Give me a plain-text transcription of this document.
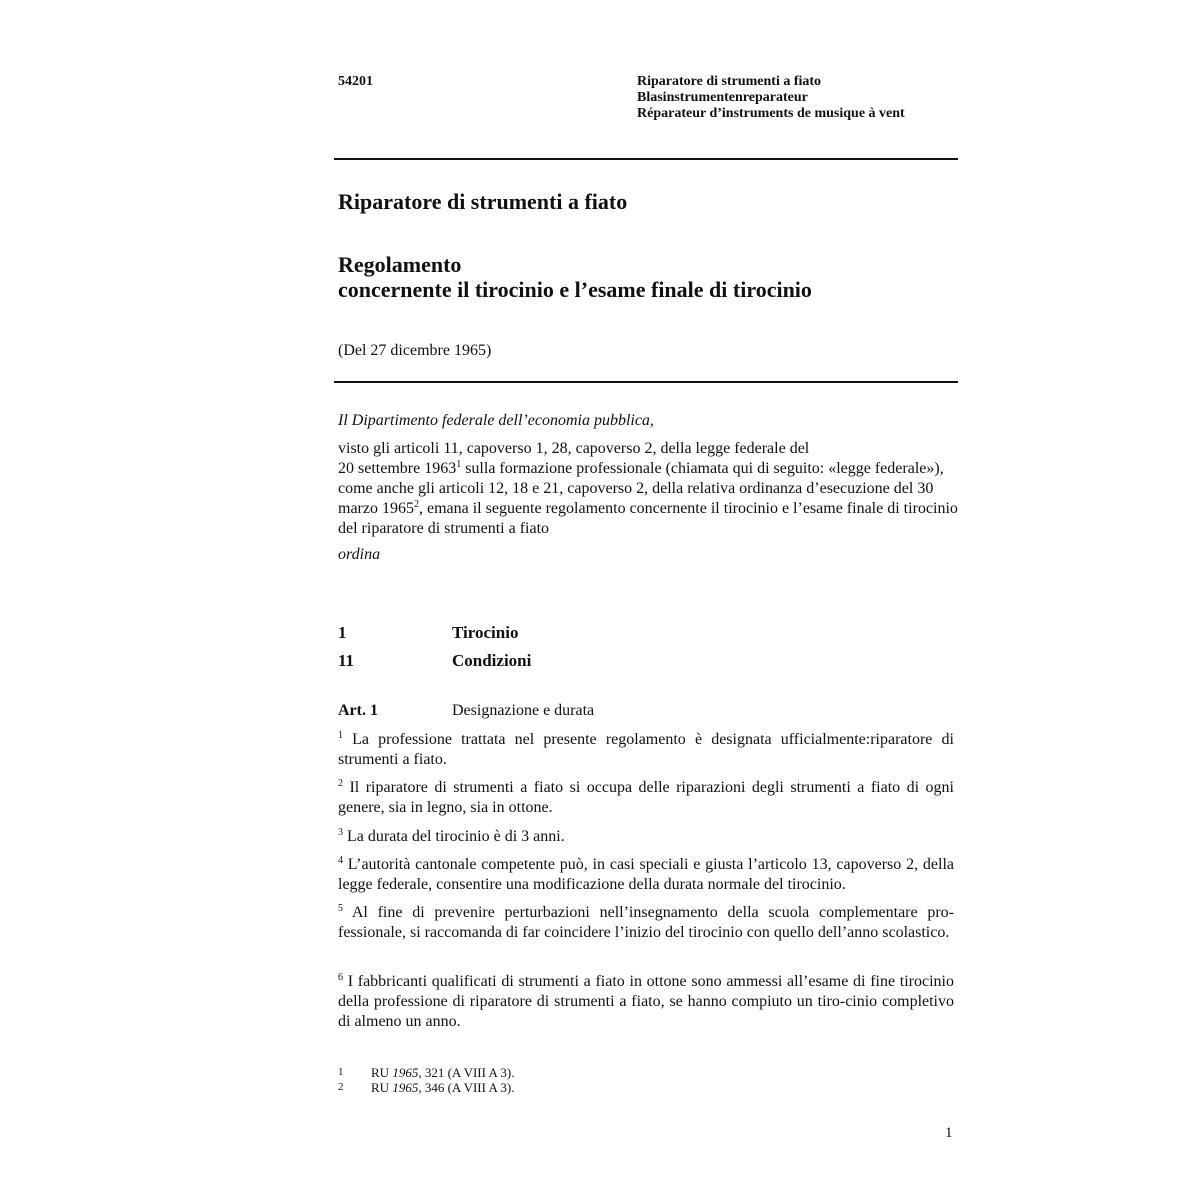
54201	Riparatore di strumenti a fiato
Blasinstrumentenreparateur
Réparateur d’instruments de musique à vent
Riparatore di strumenti a fiato
Regolamento
concernente il tirocinio e l’esame finale di tirocinio
(Del 27 dicembre 1965)
Il Dipartimento federale dell’economia pubblica,
visto gli articoli 11, capoverso 1, 28, capoverso 2, della legge federale del
20 settembre 1963$^1$ sulla formazione professionale (chiamata qui di seguito: «legge federale»), come anche gli articoli 12, 18 e 21, capoverso 2, della relativa ordinanza d’esecuzione del 30 marzo 1965$^2$, emana il seguente regolamento concernente il tirocinio e l’esame finale di tirocinio del riparatore di strumenti a fiato
ordina
1	Tirocinio
11	Condizioni
Art. 1	Designazione e durata
$^1$ La professione trattata nel presente regolamento è designata ufficialmente:riparatore di strumenti a fiato.
$^2$ Il riparatore di strumenti a fiato si occupa delle riparazioni degli strumenti a fiato di ogni genere, sia in legno, sia in ottone.
$^3$ La durata del tirocinio è di 3 anni.
$^4$ L’autorità cantonale competente può, in casi speciali e giusta l’articolo 13, capoverso 2, della legge federale, consentire una modificazione della durata normale del tirocinio.
$^5$ Al fine di prevenire perturbazioni nell’insegnamento della scuola complementare pro-fessionale, si raccomanda di far coincidere l’inizio del tirocinio con quello dell’anno scolastico.
$^6$ I fabbricanti qualificati di strumenti a fiato in ottone sono ammessi all’esame di fine tirocinio della professione di riparatore di strumenti a fiato, se hanno compiuto un tiro-cinio completivo di almeno un anno.
1 RU 1965, 321 (A VIII A 3).
2 RU 1965, 346 (A VIII A 3).
1
